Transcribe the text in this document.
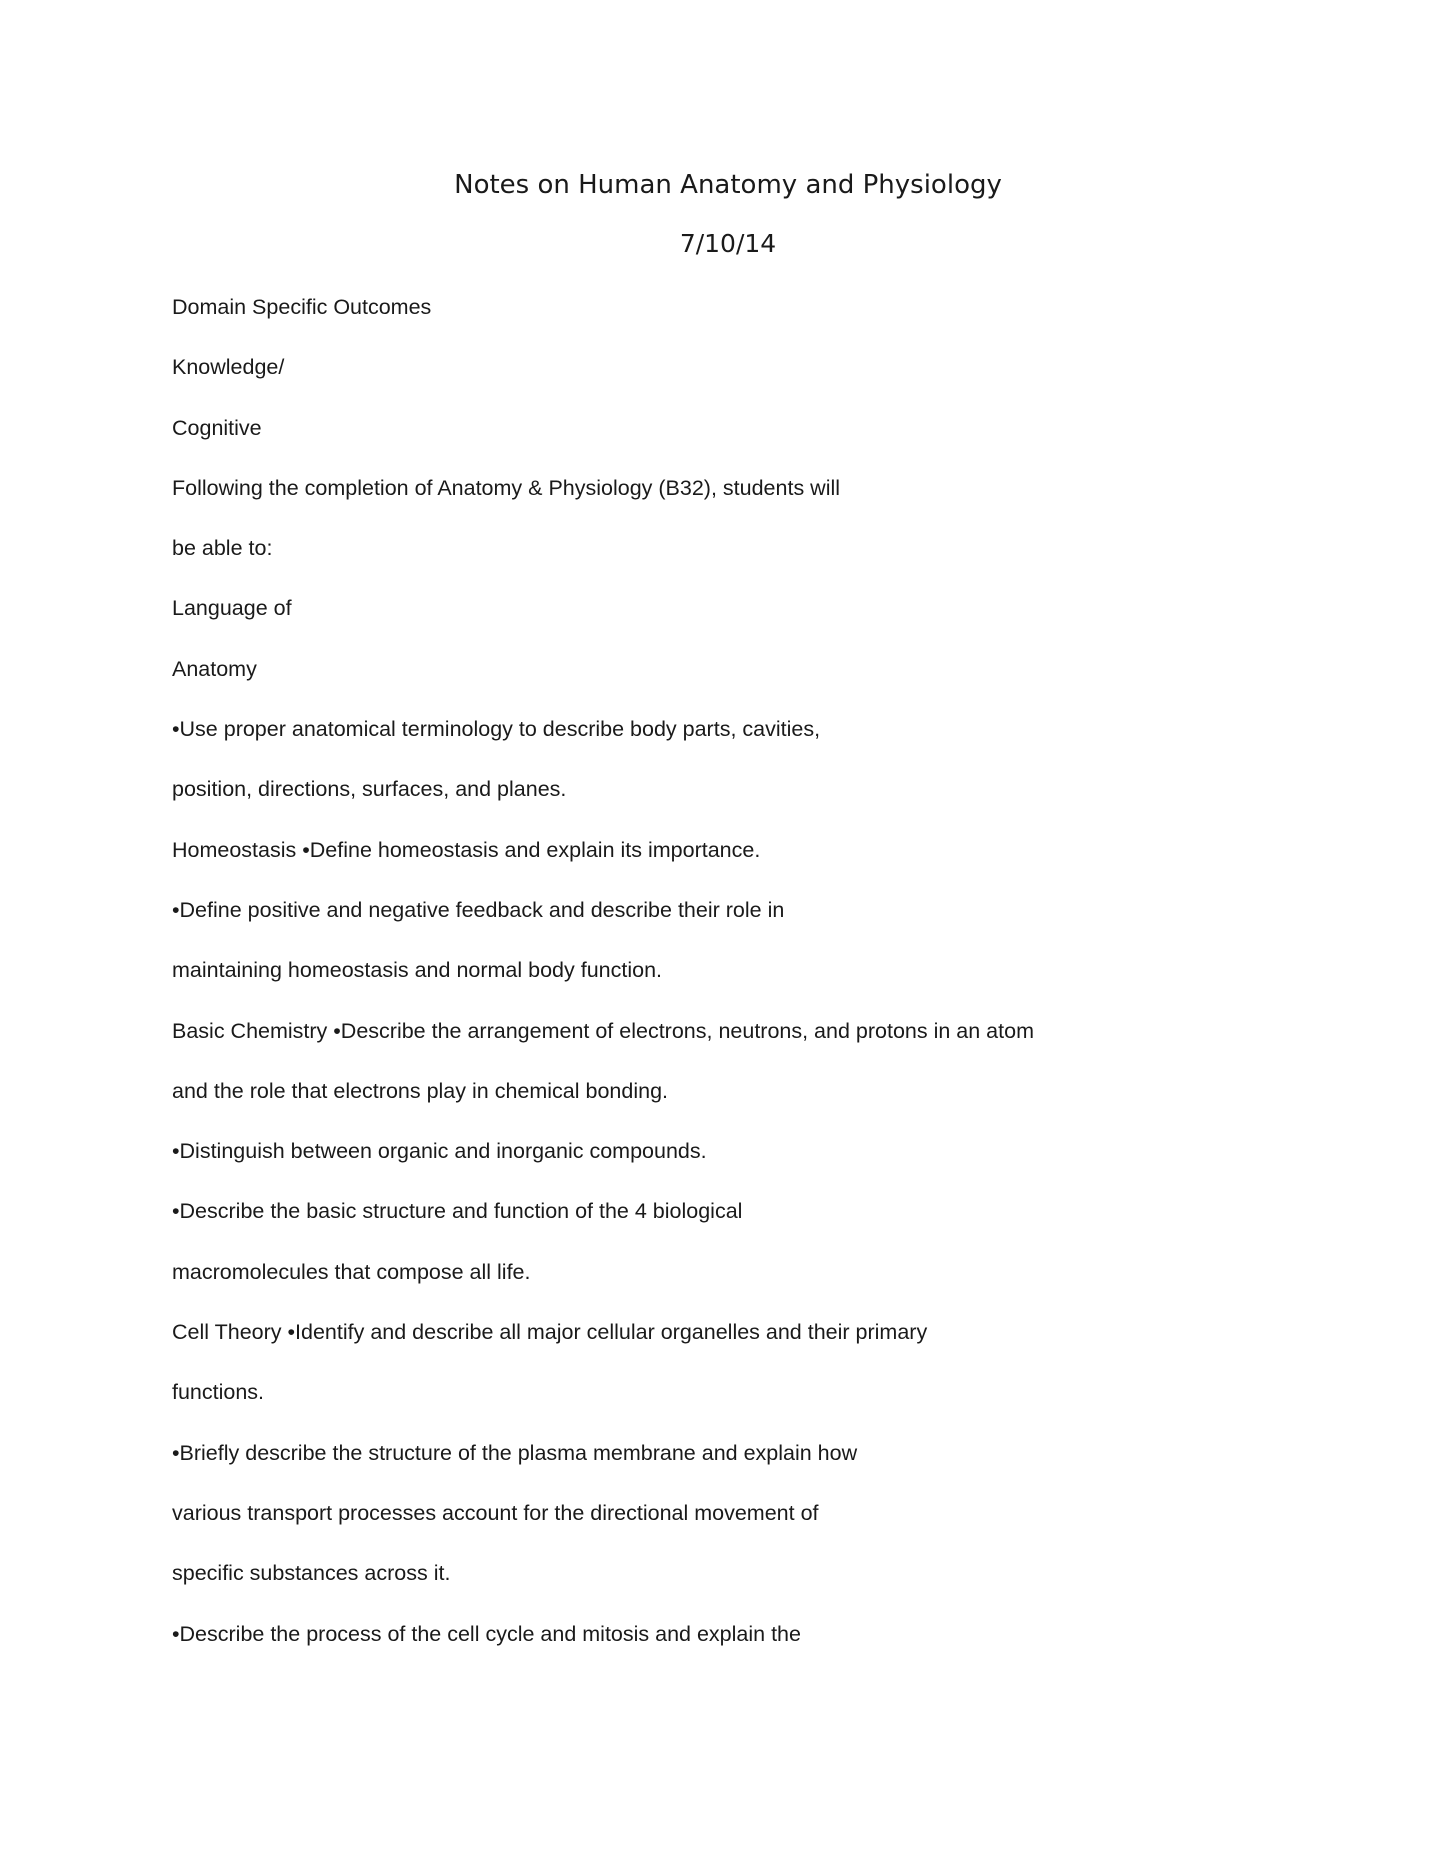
Notes on Human Anatomy and Physiology
7/10/14

Domain Specific Outcomes

Knowledge/

Cognitive

Following the completion of Anatomy & Physiology (B32), students will

be able to:

Language of

Anatomy

•Use proper anatomical terminology to describe body parts, cavities,

position, directions, surfaces, and planes.

Homeostasis •Define homeostasis and explain its importance.

•Define positive and negative feedback and describe their role in

maintaining homeostasis and normal body function.

Basic Chemistry •Describe the arrangement of electrons, neutrons, and protons in an atom

and the role that electrons play in chemical bonding.

•Distinguish between organic and inorganic compounds.

•Describe the basic structure and function of the 4 biological

macromolecules that compose all life.

Cell Theory •Identify and describe all major cellular organelles and their primary

functions.

•Briefly describe the structure of the plasma membrane and explain how

various transport processes account for the directional movement of

specific substances across it.

•Describe the process of the cell cycle and mitosis and explain the
